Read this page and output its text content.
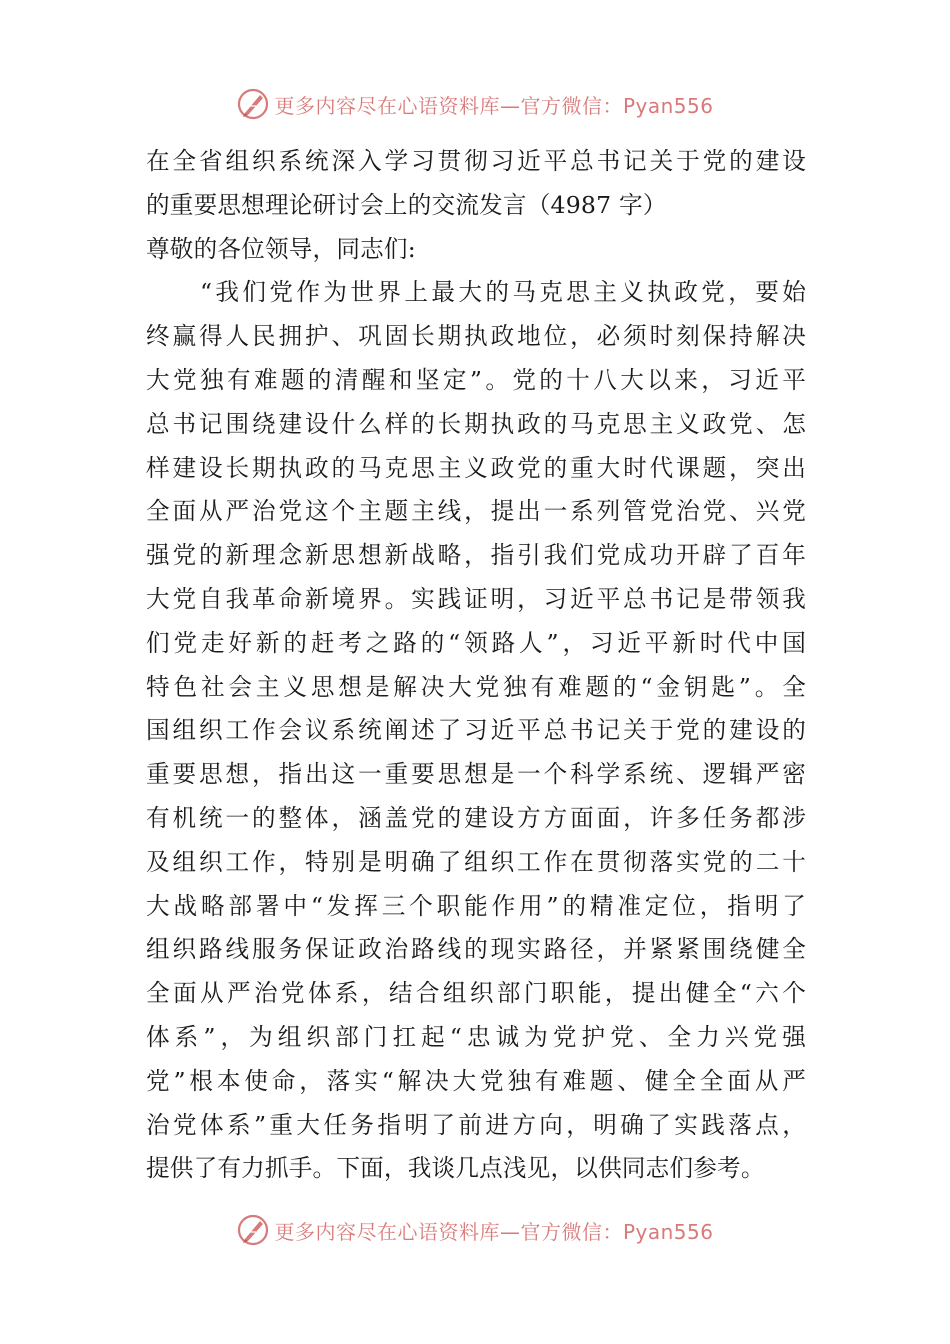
更多内容尽在心语资料库—官方微信：Pyan556
在全省组织系统深入学习贯彻习近平总书记关于党的建设
的重要思想理论研讨会上的交流发言（4987 字）
尊敬的各位领导，同志们:
　　“我们党作为世界上最大的马克思主义执政党，要始
终赢得人民拥护、巩固长期执政地位，必须时刻保持解决
大党独有难题的清醒和坚定”。党的十八大以来，习近平
总书记围绕建设什么样的长期执政的马克思主义政党、怎
样建设长期执政的马克思主义政党的重大时代课题，突出
全面从严治党这个主题主线，提出一系列管党治党、兴党
强党的新理念新思想新战略，指引我们党成功开辟了百年
大党自我革命新境界。实践证明，习近平总书记是带领我
们党走好新的赶考之路的“领路人”，习近平新时代中国
特色社会主义思想是解决大党独有难题的“金钥匙”。全
国组织工作会议系统阐述了习近平总书记关于党的建设的
重要思想，指出这一重要思想是一个科学系统、逻辑严密
有机统一的整体，涵盖党的建设方方面面，许多任务都涉
及组织工作，特别是明确了组织工作在贯彻落实党的二十
大战略部署中“发挥三个职能作用”的精准定位，指明了
组织路线服务保证政治路线的现实路径，并紧紧围绕健全
全面从严治党体系，结合组织部门职能，提出健全“六个
体系”，为组织部门扛起“忠诚为党护党、全力兴党强
党”根本使命，落实“解决大党独有难题、健全全面从严
治党体系”重大任务指明了前进方向，明确了实践落点，
提供了有力抓手。下面，我谈几点浅见，以供同志们参考。
更多内容尽在心语资料库—官方微信：Pyan556
